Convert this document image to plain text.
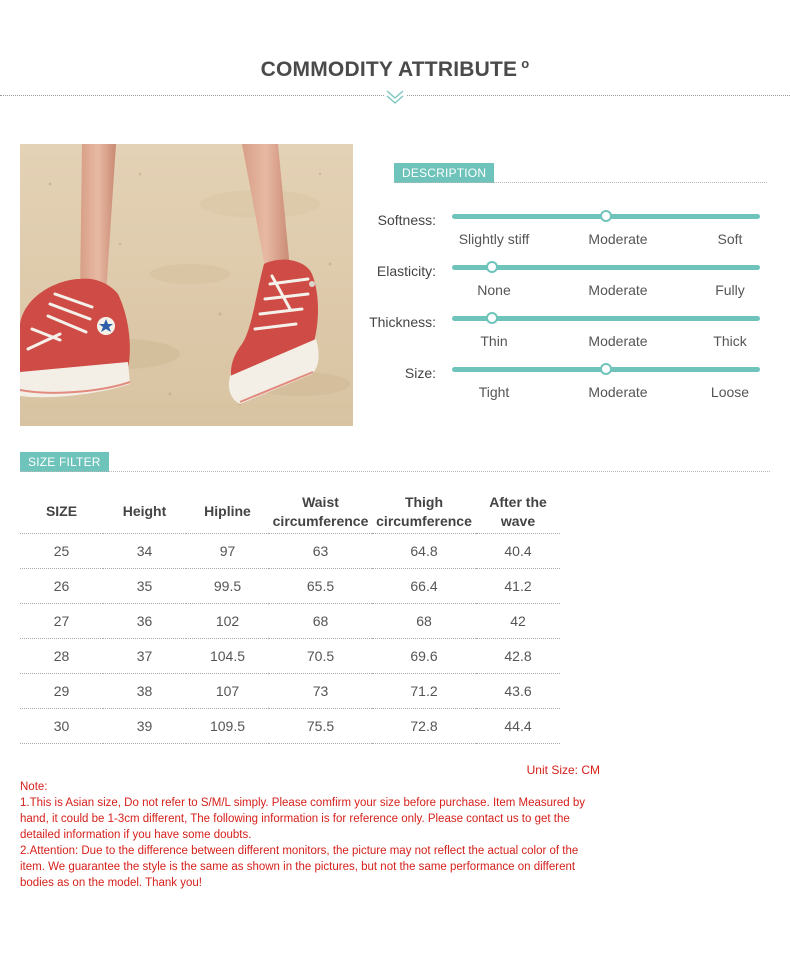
COMMODITY ATTRIBUTE $^o$
DESCRIPTION
Softness:
Slightly stiff	Moderate	Soft
Elasticity:
None	Moderate	Fully
Thickness:
Thin	Moderate	Thick
Size:
Tight	Moderate	Loose
SIZE FILTER
SIZE	Height	Hipline	Waist circumference	Thigh circumference	After the wave
25	34	97	63	64.8	40.4
26	35	99.5	65.5	66.4	41.2
27	36	102	68	68	42
28	37	104.5	70.5	69.6	42.8
29	38	107	73	71.2	43.6
30	39	109.5	75.5	72.8	44.4
Unit Size: CM

Note:

1.This is Asian size, Do not refer to S/M/L simply. Please comfirm your size before purchase. Item Measured by hand, it could be 1-3cm different, The following information is for reference only. Please contact us to get the detailed information if you have some doubts.

2.Attention: Due to the difference between different monitors, the picture may not reflect the actual color of the item. We guarantee the style is the same as shown in the pictures, but not the same performance on different bodies as on the model. Thank you!
